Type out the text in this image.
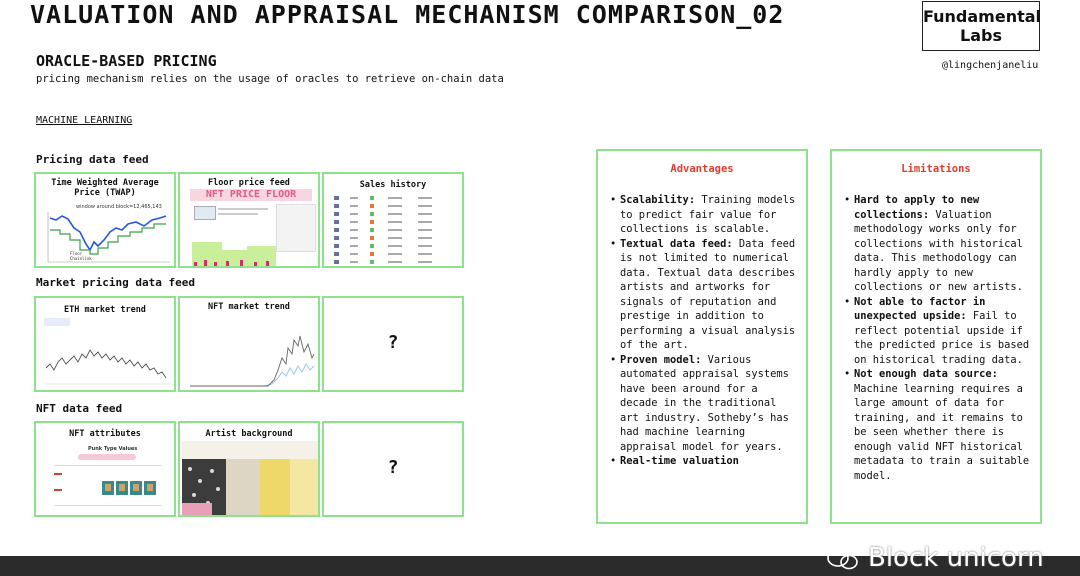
VALUATION AND APPRAISAL MECHANISM COMPARISON_02	Fundamental
Labs
@lingchenjaneliu
ORACLE-BASED PRICING
pricing mechanism relies on the usage of oracles to retrieve on-chain data
MACHINE LEARNING
Pricing data feed
Time Weighted Average Price (TWAP)
window around block=12,465,143
Floor
Chainlink
Floor price feed
NFT PRICE FLOOR
Sales history
Market pricing data feed
ETH market trend	NFT market trend
?
NFT data feed
NFT attributes
Punk Type Values
Artist background
?
Advantages
• Scalability: Training models to predict fair value for collections is scalable.
• Textual data feed: Data feed is not limited to numerical data. Textual data describes artists and artworks for signals of reputation and prestige in addition to performing a visual analysis of the art.
• Proven model: Various automated appraisal systems have been around for a decade in the traditional art industry. Sotheby’s has had machine learning appraisal model for years.
• Real-time valuation
Limitations
• Hard to apply to new collections: Valuation methodology works only for collections with historical data. This methodology can hardly apply to new collections or new artists.
• Not able to factor in unexpected upside: Fail to reflect potential upside if the predicted price is based on historical trading data.
• Not enough data source: Machine learning requires a large amount of data for training, and it remains to be seen whether there is enough valid NFT historical metadata to train a suitable model.
Block unicorn
